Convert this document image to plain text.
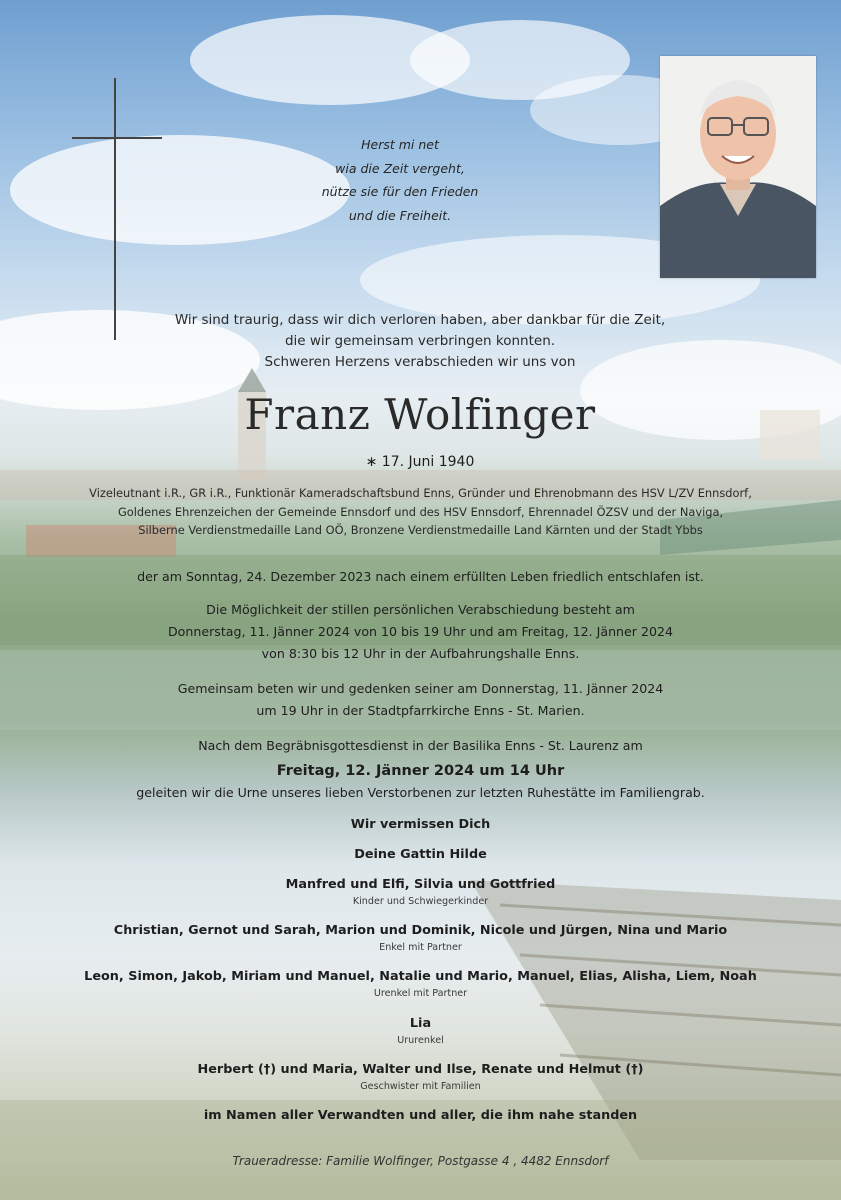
Herst mi net
wia die Zeit vergeht,
nütze sie für den Frieden
und die Freiheit.
Wir sind traurig, dass wir dich verloren haben, aber dankbar für die Zeit,
die wir gemeinsam verbringen konnten.
Schweren Herzens verabschieden wir uns von
Franz Wolfinger
∗ 17. Juni 1940
Vizeleutnant i.R., GR i.R., Funktionär Kameradschaftsbund Enns, Gründer und Ehrenobmann des HSV L/ZV Ennsdorf,
Goldenes Ehrenzeichen der Gemeinde Ennsdorf und des HSV Ennsdorf, Ehrennadel ÖZSV und der Naviga,
Silberne Verdienstmedaille Land OÖ, Bronzene Verdienstmedaille Land Kärnten und der Stadt Ybbs
der am Sonntag, 24. Dezember 2023 nach einem erfüllten Leben friedlich entschlafen ist.
Die Möglichkeit der stillen persönlichen Verabschiedung besteht am
Donnerstag, 11. Jänner 2024 von 10 bis 19 Uhr und am Freitag, 12. Jänner 2024
von 8:30 bis 12 Uhr in der Aufbahrungshalle Enns.
Gemeinsam beten wir und gedenken seiner am Donnerstag, 11. Jänner 2024
um 19 Uhr in der Stadtpfarrkirche Enns - St. Marien.
Nach dem Begräbnisgottesdienst in der Basilika Enns - St. Laurenz am
Freitag, 12. Jänner 2024 um 14 Uhr
geleiten wir die Urne unseres lieben Verstorbenen zur letzten Ruhestätte im Familiengrab.
Wir vermissen Dich
Deine Gattin Hilde
Manfred und Elfi, Silvia und Gottfried
Kinder und Schwiegerkinder
Christian, Gernot und Sarah, Marion und Dominik, Nicole und Jürgen, Nina und Mario
Enkel mit Partner
Leon, Simon, Jakob, Miriam und Manuel, Natalie und Mario, Manuel, Elias, Alisha, Liem, Noah
Urenkel mit Partner
Lia
Ururenkel
Herbert (†) und Maria, Walter und Ilse, Renate und Helmut (†)
Geschwister mit Familien
im Namen aller Verwandten und aller, die ihm nahe standen
Traueradresse: Familie Wolfinger, Postgasse 4 , 4482 Ennsdorf
